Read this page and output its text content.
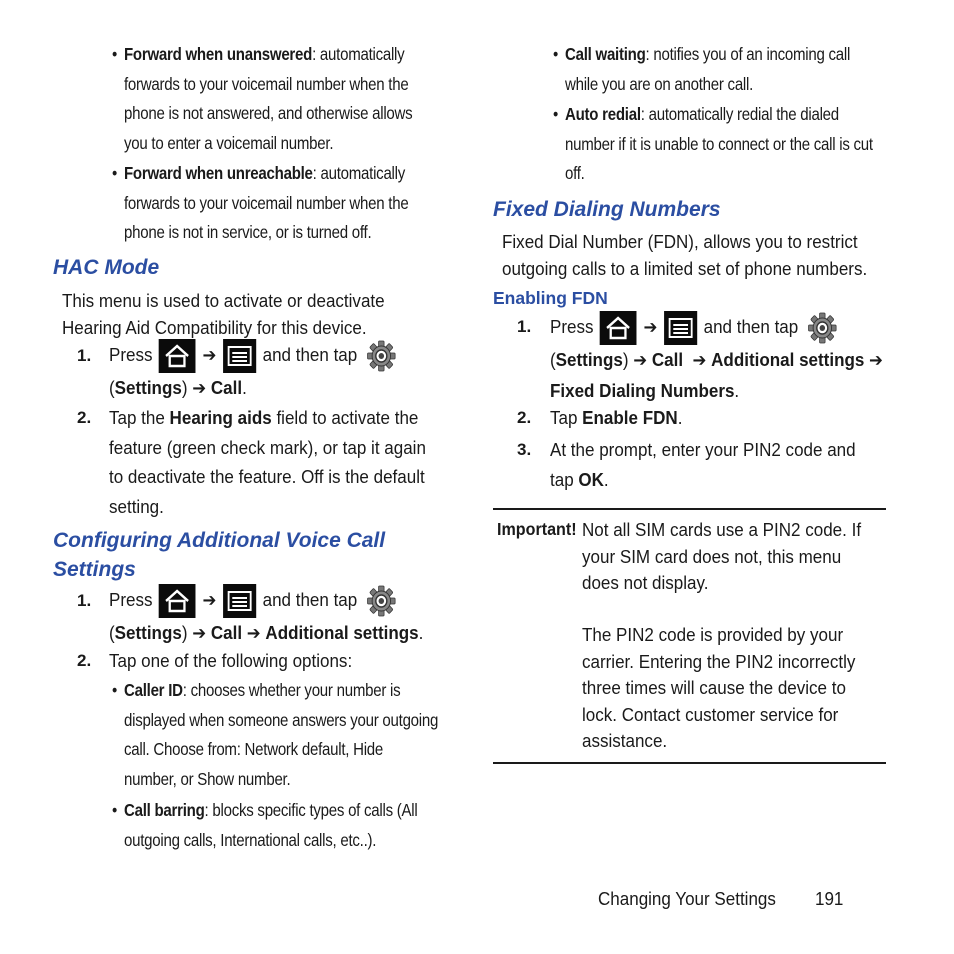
• Forward when unanswered: automatically
forwards to your voicemail number when the
phone is not answered, and otherwise allows
you to enter a voicemail number.
• Forward when unreachable: automatically
forwards to your voicemail number when the
phone is not in service, or is turned off.
HAC Mode
This menu is used to activate or deactivate
Hearing Aid Compatibility for this device.
1. Press	➔	and then tap
(Settings) ➔ Call.
2. Tap the Hearing aids field to activate the
feature (green check mark), or tap it again
to deactivate the feature. Off is the default
setting.
Configuring Additional Voice Call
Settings
1. Press	➔	and then tap
(Settings) ➔ Call ➔ Additional settings.
2. Tap one of the following options:
• Caller ID: chooses whether your number is
displayed when someone answers your outgoing
call. Choose from: Network default, Hide
number, or Show number.
• Call barring: blocks specific types of calls (All
outgoing calls, International calls, etc..).
• Call waiting: notifies you of an incoming call
while you are on another call.
• Auto redial: automatically redial the dialed
number if it is unable to connect or the call is cut
off.
Fixed Dialing Numbers
Fixed Dial Number (FDN), allows you to restrict
outgoing calls to a limited set of phone numbers.
Enabling FDN
1. Press	➔	and then tap
(Settings) ➔ Call ➔ Additional settings ➔
Fixed Dialing Numbers.
2. Tap Enable FDN.
3. At the prompt, enter your PIN2 code and
tap OK.
Important! Not all SIM cards use a PIN2 code. If
your SIM card does not, this menu
does not display.
The PIN2 code is provided by your
carrier. Entering the PIN2 incorrectly
three times will cause the device to
lock. Contact customer service for
assistance.
Changing Your Settings 191
